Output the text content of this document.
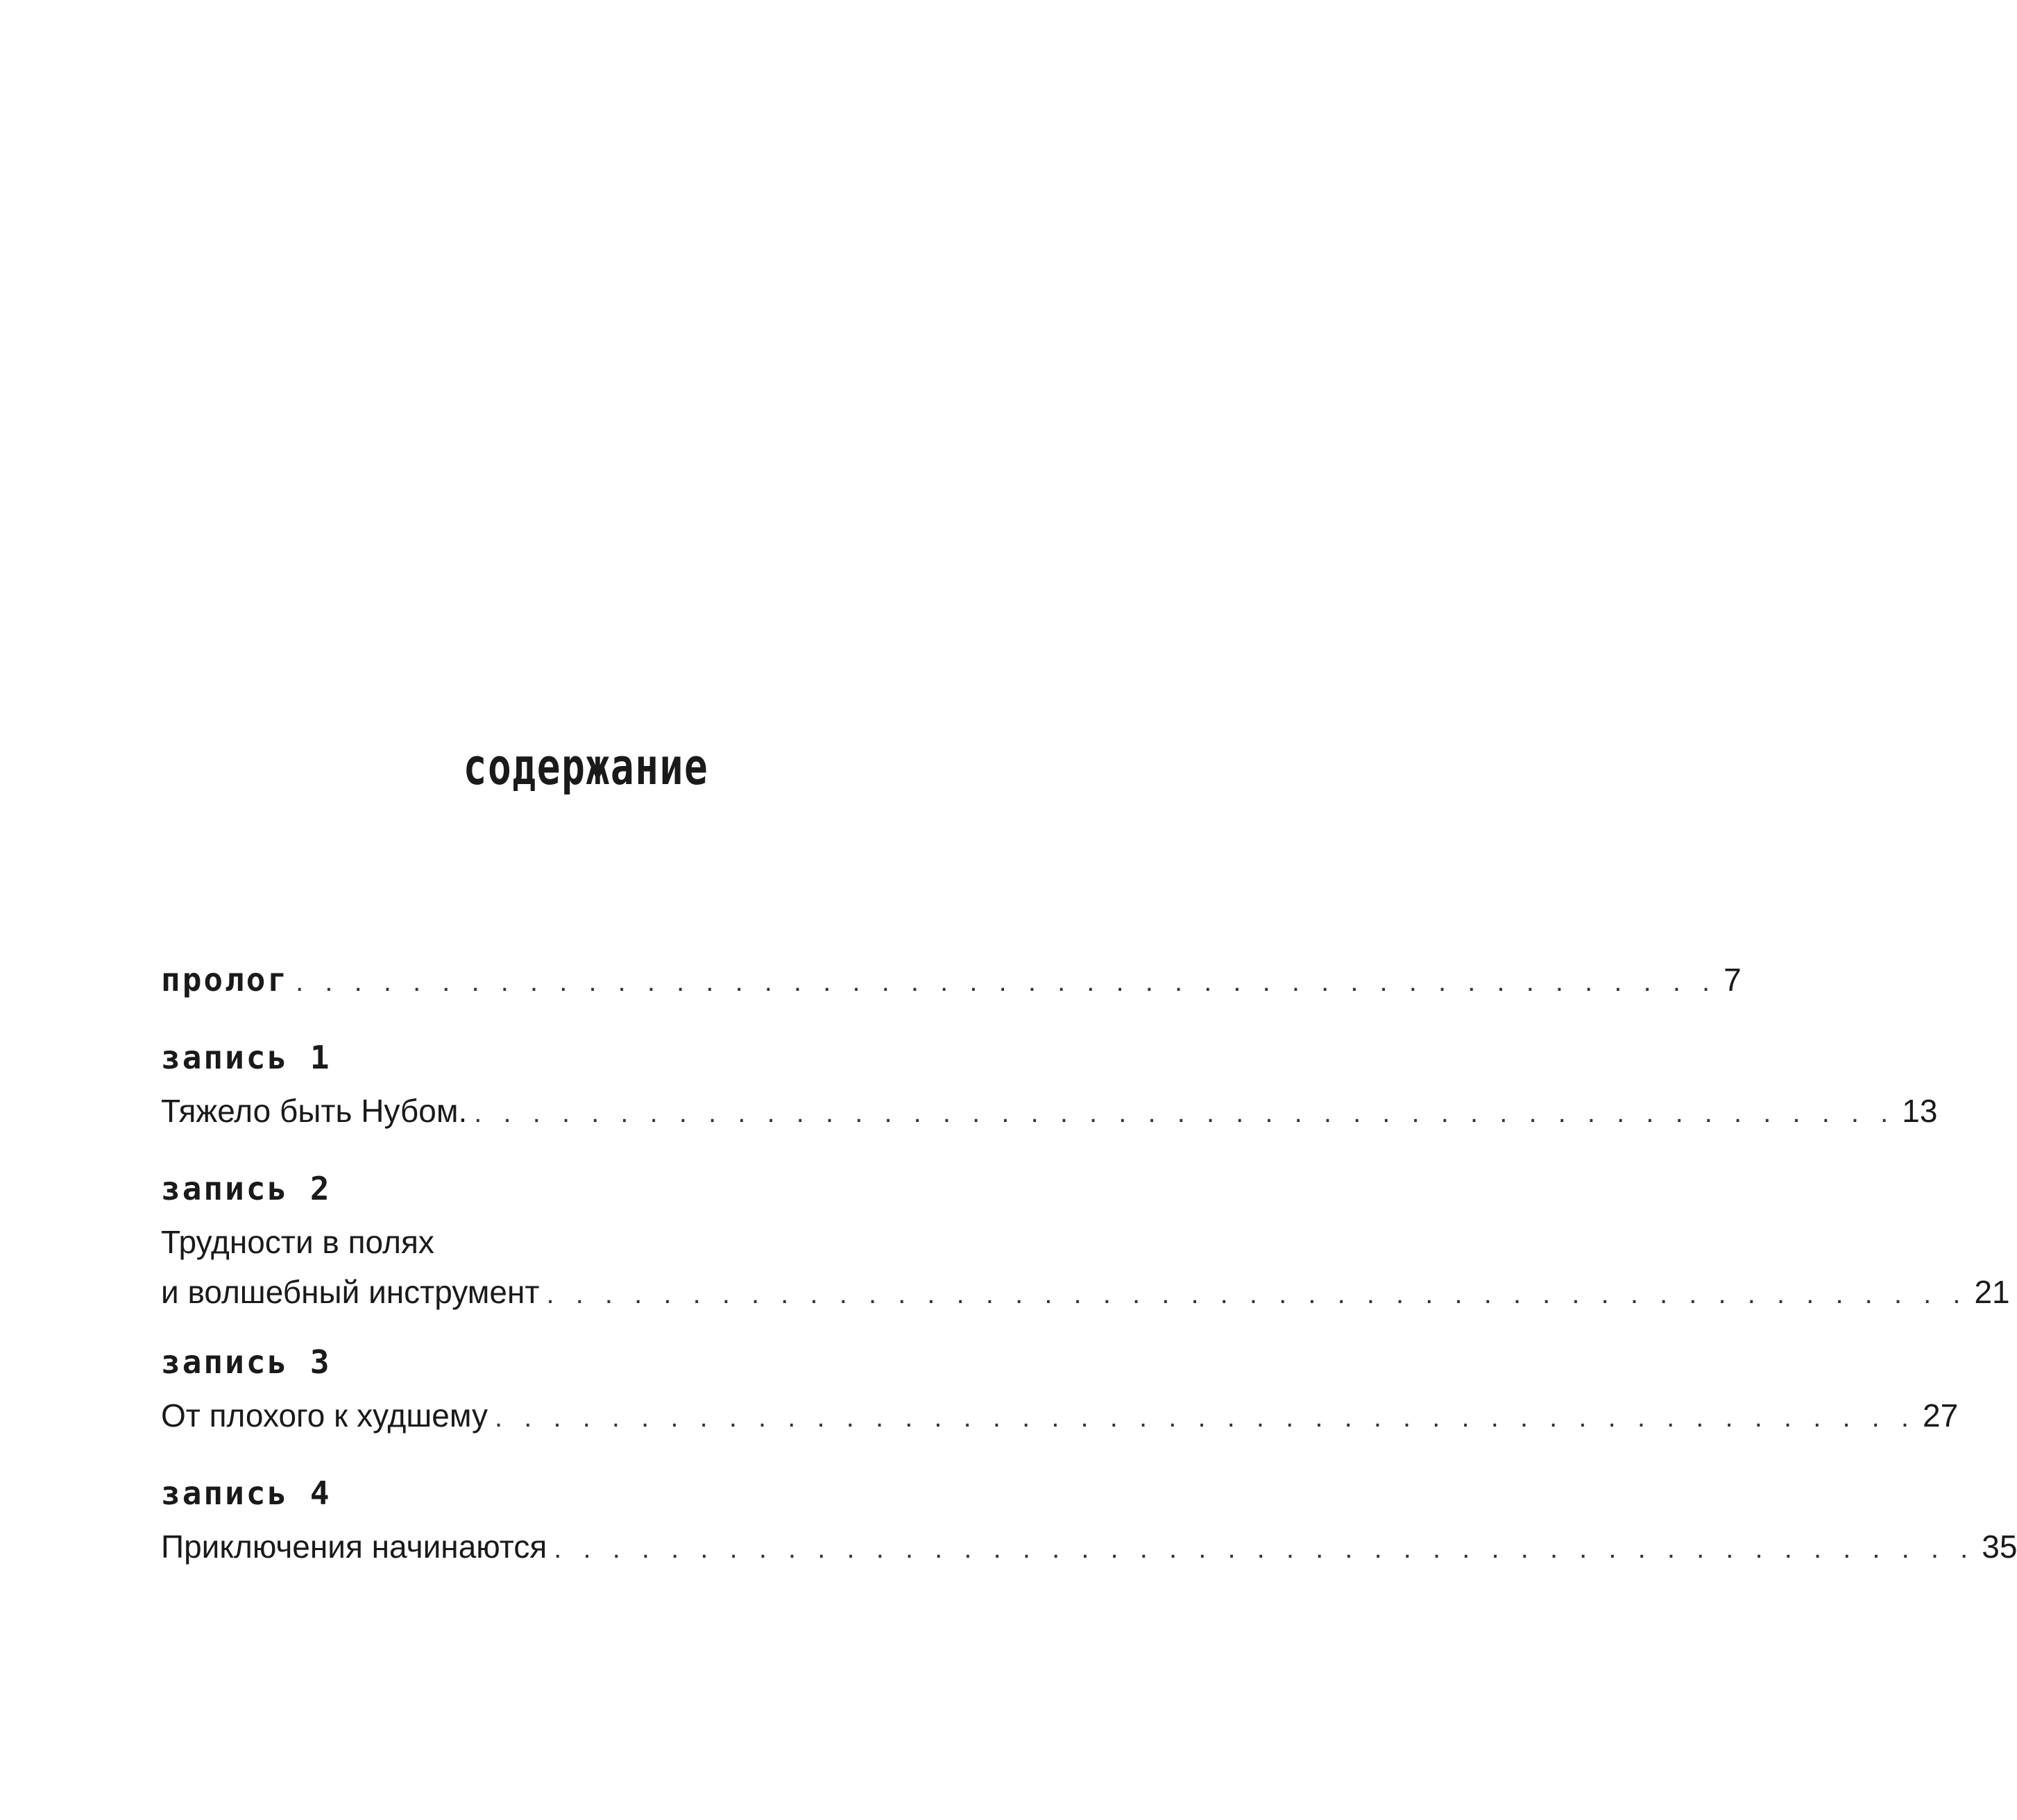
содержание
пролог . . . . . . . . . . . . . . . . . . . . . . . . . . . . . . . . . . . . . . . . . . . . . . . . . 7
запись 1
Тяжело быть Нубом. . . . . . . . . . . . . . . . . . . . . . . . . . . . . . . . . . . . . . . . . . . . . . . . . . 13
запись 2
Трудности в полях
и волшебный инструмент . . . . . . . . . . . . . . . . . . . . . . . . . . . . . . . . . . . . . . . . . . . . . . . . . 21
запись 3
От плохого к худшему . . . . . . . . . . . . . . . . . . . . . . . . . . . . . . . . . . . . . . . . . . . . . . . . . 27
запись 4
Приключения начинаются . . . . . . . . . . . . . . . . . . . . . . . . . . . . . . . . . . . . . . . . . . . . . . . . . 35
